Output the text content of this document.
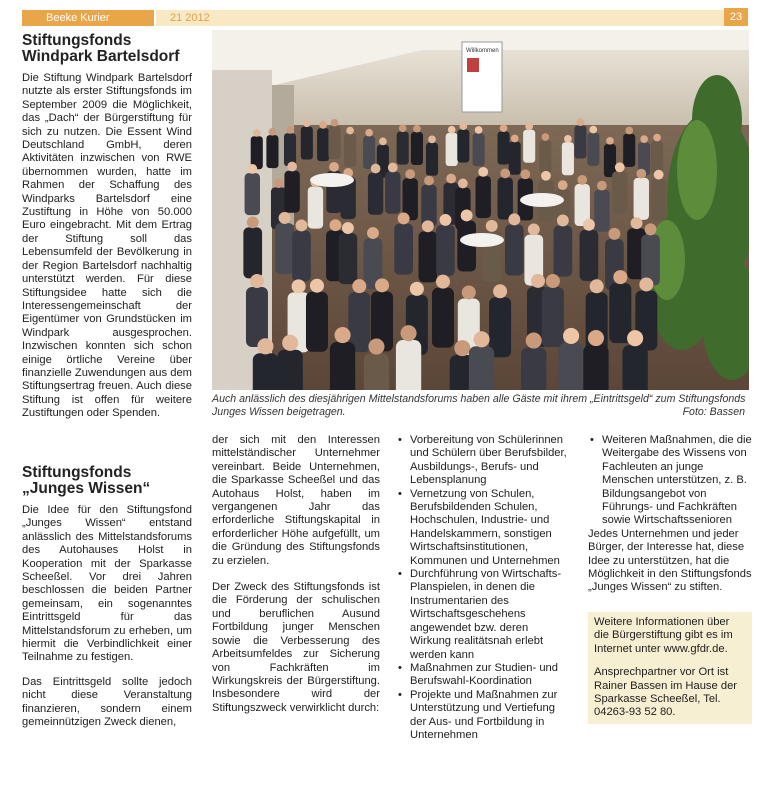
Beeke Kurier	21 2012	23
Stiftungsfonds
Windpark Bartelsdorf

Die Stiftung Windpark Bartelsdorf nutzte als erster Stiftungsfonds im September 2009 die Möglichkeit, das „Dach“ der Bürgerstiftung für sich zu nutzen. Die Essent Wind Deutschland GmbH, deren Aktivitäten inzwischen von RWE übernommen wurden, hatte im Rahmen der Schaffung des Windparks Bartelsdorf eine Zustiftung in Höhe von 50.000 Euro eingebracht. Mit dem Ertrag der Stiftung soll das Lebensumfeld der Bevölkerung in der Region Bartelsdorf nachhaltig unterstützt werden. Für diese Stiftungsidee hatte sich die Interessengemeinschaft der Eigentümer von Grundstücken im Windpark ausgesprochen. Inzwischen konnten sich schon einige örtliche Vereine über finanzielle Zuwendungen aus dem Stiftungsertrag freuen. Auch diese Stiftung ist offen für weitere Zustiftungen oder Spenden.

Stiftungsfonds
„Junges Wissen“

Die Idee für den Stiftungsfond „Junges Wissen“ entstand anlässlich des Mittelstandsforums des Autohauses Holst in Kooperation mit der Sparkasse Scheeßel. Vor drei Jahren beschlossen die beiden Partner gemeinsam, ein sogenanntes Eintrittsgeld für das Mittelstandsforum zu erheben, um hiermit die Verbindlichkeit einer Teilnahme zu festigen.

Das Eintrittsgeld sollte jedoch nicht diese Veranstaltung finanzieren, sondern einem gemeinnützigen Zweck dienen,

Willkommen
Auch anlässlich des diesjährigen Mittelstandsforums haben alle Gäste mit ihrem „Eintrittsgeld“ zum Stiftungsfonds Junges Wissen beigetragen.	Foto: Bassen

der sich mit den Interessen mittelständischer Unternehmer vereinbart. Beide Unternehmen, die Sparkasse Scheeßel und das Autohaus Holst, haben im vergangenen Jahr das erforderliche Stiftungskapital in erforderlicher Höhe aufgefüllt, um die Gründung des Stiftungsfonds zu erzielen.

Der Zweck des Stiftungsfonds ist die Förderung der schulischen und beruflichen Ausund Fortbildung junger Menschen sowie die Verbesserung des Arbeitsumfeldes zur Sicherung von Fachkräften im Wirkungskreis der Bürgerstiftung. Insbesondere wird der Stiftungszweck verwirklicht durch:

• Vorbereitung von Schülerinnen und Schülern über Berufsbilder, Ausbildungs-, Berufs- und Lebensplanung
• Vernetzung von Schulen, Berufsbildenden Schulen, Hochschulen, Industrie- und Handelskammern, sonstigen Wirtschaftsinstitutionen, Kommunen und Unternehmen
• Durchführung von Wirtschafts-Planspielen, in denen die Instrumentarien des Wirtschaftsgeschehens angewendet bzw. deren Wirkung realitätsnah erlebt werden kann
• Maßnahmen zur Studien- und Berufswahl-Koordination
• Projekte und Maßnahmen zur Unterstützung und Vertiefung der Aus- und Fortbildung in Unternehmen
• Weiteren Maßnahmen, die die Weitergabe des Wissens von Fachleuten an junge Menschen unterstützen, z. B. Bildungsangebot von Führungs- und Fachkräften sowie Wirtschaftssenioren

Jedes Unternehmen und jeder Bürger, der Interesse hat, diese Idee zu unterstützen, hat die Möglichkeit in den Stiftungsfonds „Junges Wissen“ zu stiften.

Weitere Informationen über die Bürgerstiftung gibt es im Internet unter www.gfdr.de.

Ansprechpartner vor Ort ist Rainer Bassen im Hause der Sparkasse Scheeßel, Tel. 04263-93 52 80.
